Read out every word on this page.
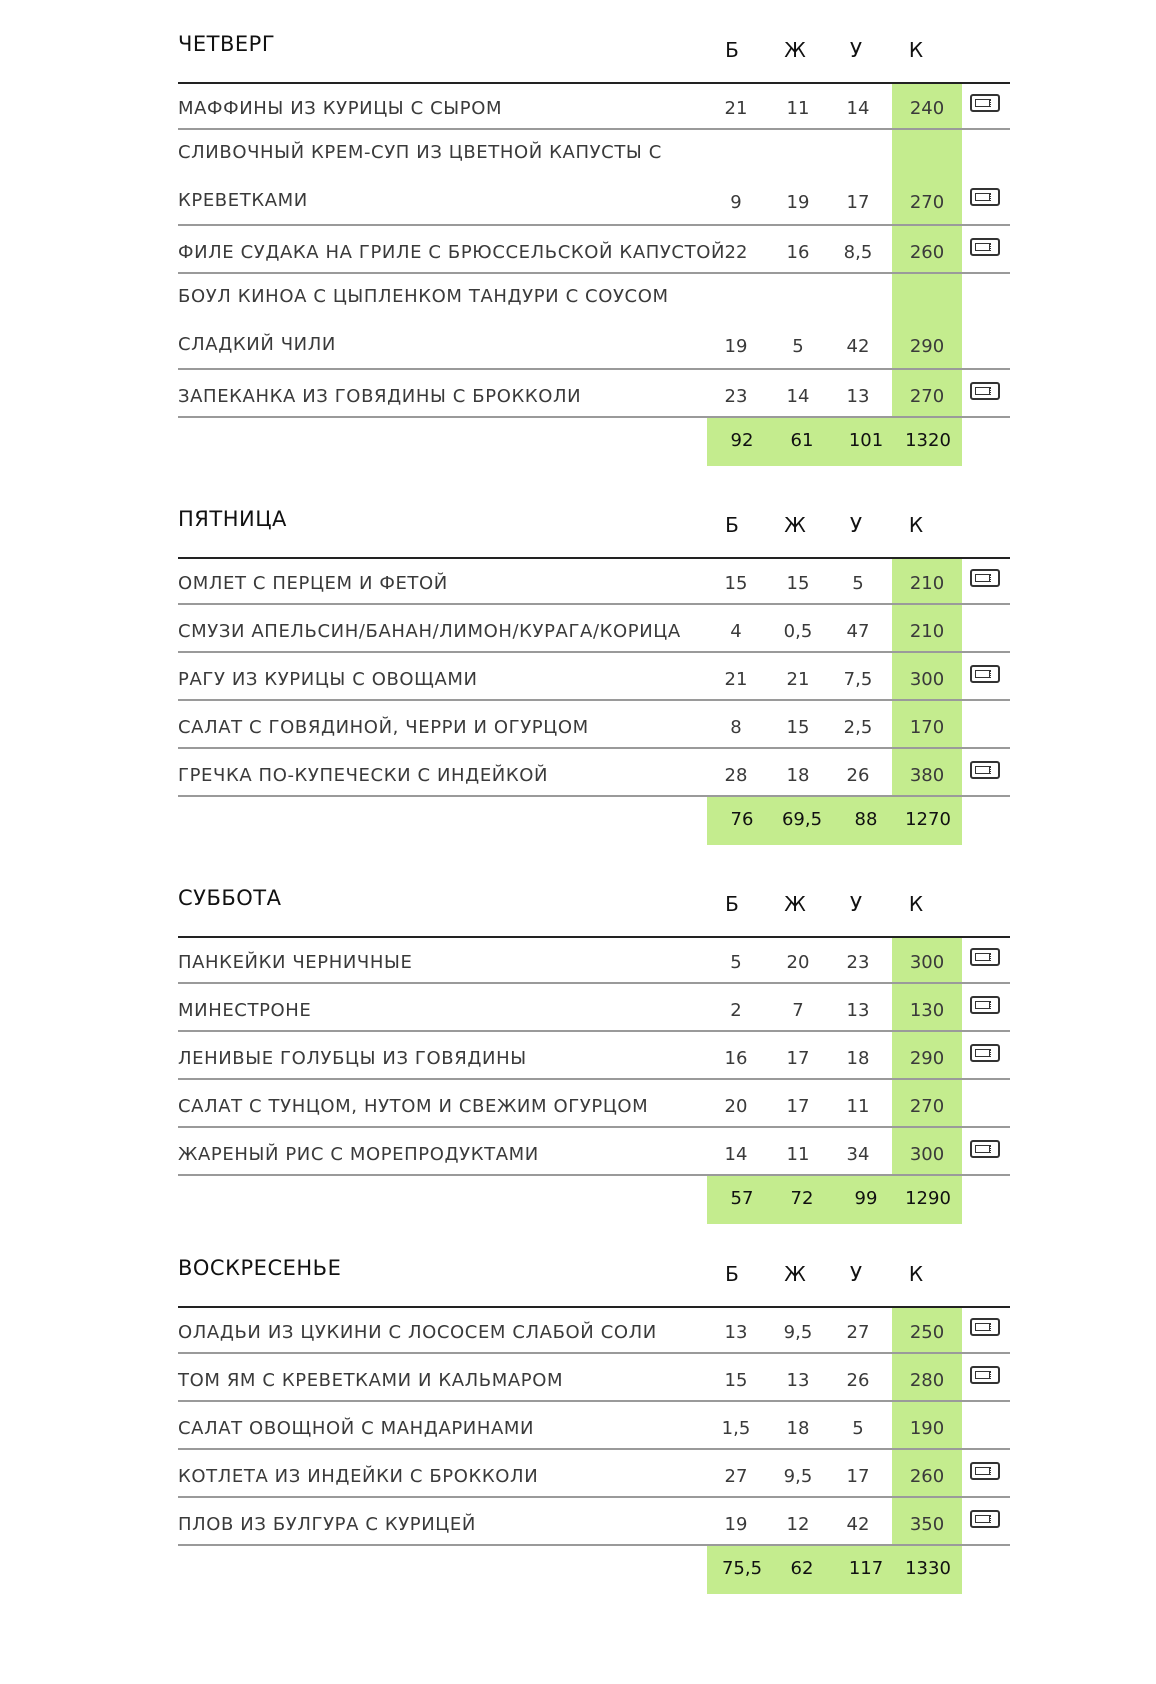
ЧЕТВЕРГ	Б	Ж	У	К
МАФФИНЫ ИЗ КУРИЦЫ С СЫРОМ	21	11	14	240
СЛИВОЧНЫЙ КРЕМ-СУП ИЗ ЦВЕТНОЙ КАПУСТЫ С
КРЕВЕТКАМИ	9	19	17	270
ФИЛЕ СУДАКА НА ГРИЛЕ С БРЮССЕЛЬСКОЙ КАПУСТОЙ 22	16	8,5	260
БОУЛ КИНОА С ЦЫПЛЕНКОМ ТАНДУРИ С СОУСОМ
СЛАДКИЙ ЧИЛИ	19	5	42	290
ЗАПЕКАНКА ИЗ ГОВЯДИНЫ С БРОККОЛИ	23	14	13	270
92	61	101	1320
ПЯТНИЦА	Б	Ж	У	К
ОМЛЕТ С ПЕРЦЕМ И ФЕТОЙ	15	15	5	210
СМУЗИ АПЕЛЬСИН/БАНАН/ЛИМОН/КУРАГА/КОРИЦА	4	0,5	47	210
РАГУ ИЗ КУРИЦЫ С ОВОЩАМИ	21	21	7,5	300
САЛАТ С ГОВЯДИНОЙ, ЧЕРРИ И ОГУРЦОМ	8	15	2,5	170
ГРЕЧКА ПО-КУПЕЧЕСКИ С ИНДЕЙКОЙ	28	18	26	380
76	69,5	88	1270
СУББОТА	Б	Ж	У	К
ПАНКЕЙКИ ЧЕРНИЧНЫЕ	5	20	23	300
МИНЕСТРОНЕ	2	7	13	130
ЛЕНИВЫЕ ГОЛУБЦЫ ИЗ ГОВЯДИНЫ	16	17	18	290
САЛАТ С ТУНЦОМ, НУТОМ И СВЕЖИМ ОГУРЦОМ	20	17	11	270
ЖАРЕНЫЙ РИС С МОРЕПРОДУКТАМИ	14	11	34	300
57	72	99	1290
ВОСКРЕСЕНЬЕ	Б	Ж	У	К
ОЛАДЬИ ИЗ ЦУКИНИ С ЛОСОСЕМ СЛАБОЙ СОЛИ	13	9,5	27	250
ТОМ ЯМ С КРЕВЕТКАМИ И КАЛЬМАРОМ	15	13	26	280
САЛАТ ОВОЩНОЙ С МАНДАРИНАМИ	1,5	18	5	190
КОТЛЕТА ИЗ ИНДЕЙКИ С БРОККОЛИ	27	9,5	17	260
ПЛОВ ИЗ БУЛГУРА С КУРИЦЕЙ	19	12	42	350
75,5	62	117	1330
